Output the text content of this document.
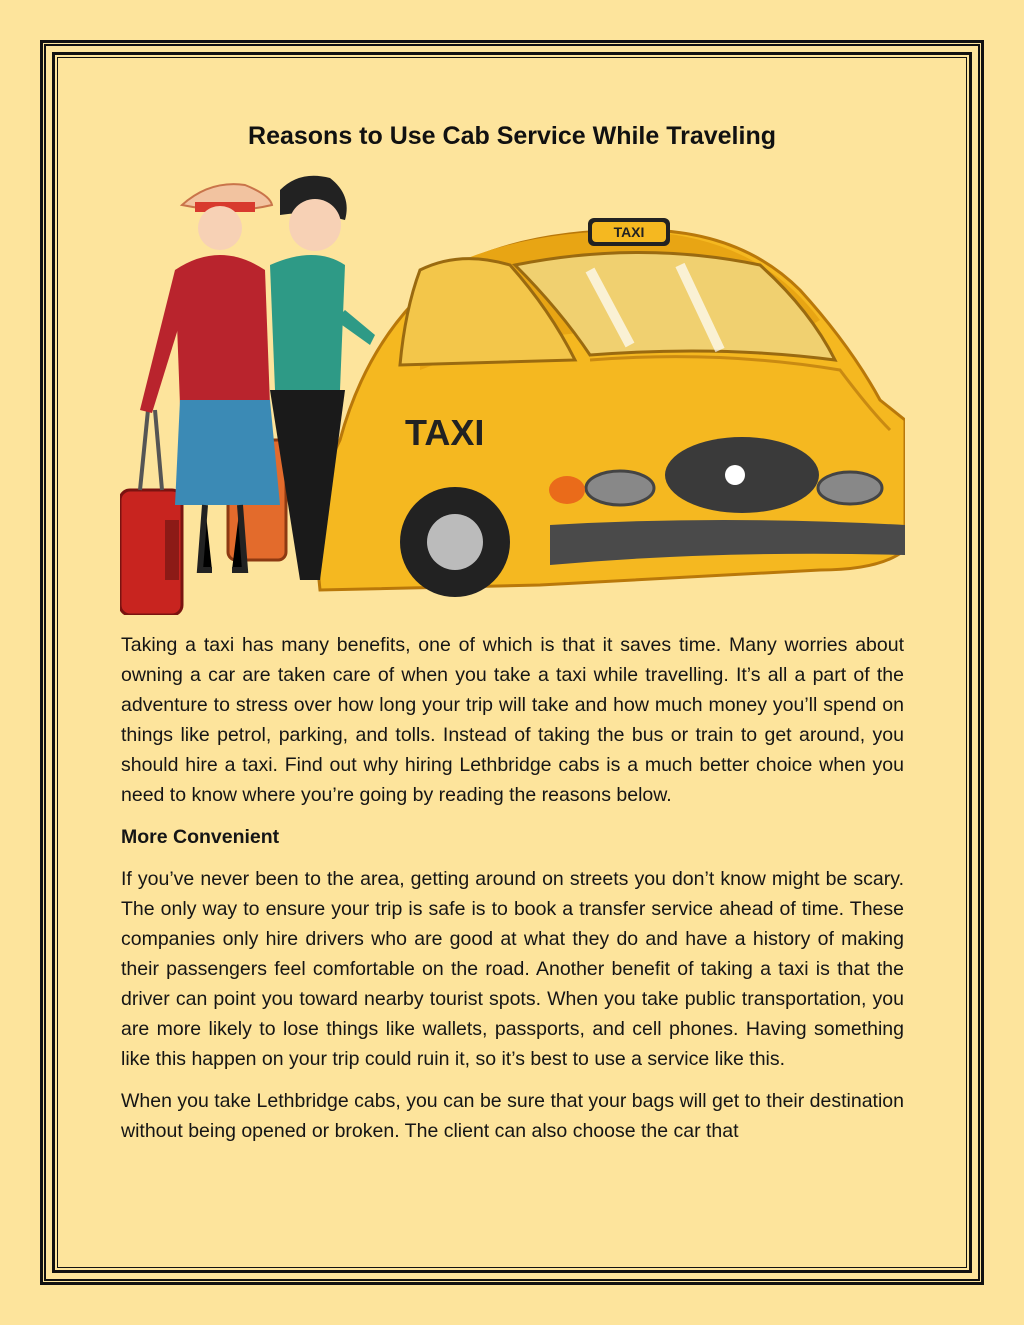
Reasons to Use Cab Service While Traveling
TAXI
TAXI

Taking a taxi has many benefits, one of which is that it saves time. Many worries about owning a car are taken care of when you take a taxi while travelling. It’s all a part of the adventure to stress over how long your trip will take and how much money you’ll spend on things like petrol, parking, and tolls. Instead of taking the bus or train to get around, you should hire a taxi. Find out why hiring Lethbridge cabs is a much better choice when you need to know where you’re going by reading the reasons below.

More Convenient

If you’ve never been to the area, getting around on streets you don’t know might be scary. The only way to ensure your trip is safe is to book a transfer service ahead of time. These companies only hire drivers who are good at what they do and have a history of making their passengers feel comfortable on the road. Another benefit of taking a taxi is that the driver can point you toward nearby tourist spots. When you take public transportation, you are more likely to lose things like wallets, passports, and cell phones. Having something like this happen on your trip could ruin it, so it’s best to use a service like this.

When you take Lethbridge cabs, you can be sure that your bags will get to their destination without being opened or broken. The client can also choose the car that
